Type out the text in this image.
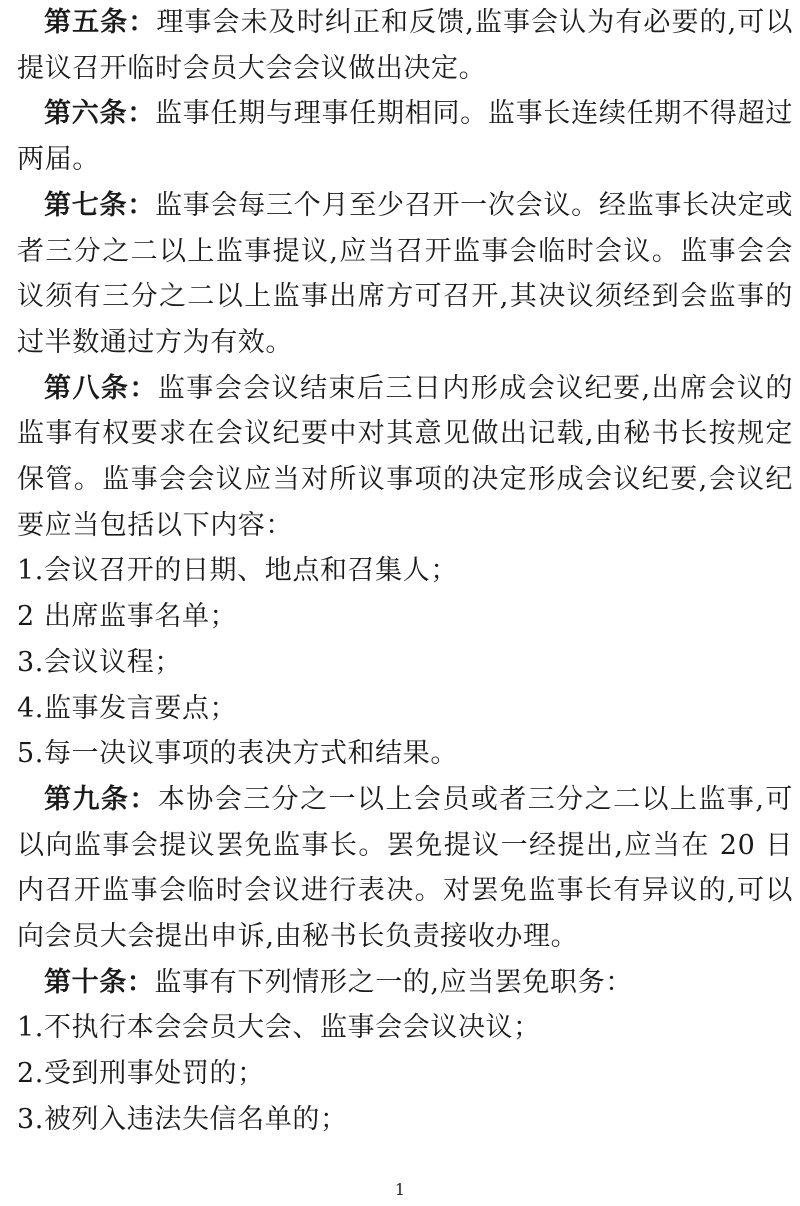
第五条：理事会未及时纠正和反馈,监事会认为有必要的,可以提议召开临时会员大会会议做出决定。

第六条：监事任期与理事任期相同。监事长连续任期不得超过两届。

第七条：监事会每三个月至少召开一次会议。经监事长决定或者三分之二以上监事提议,应当召开监事会临时会议。监事会会议须有三分之二以上监事出席方可召开,其决议须经到会监事的过半数通过方为有效。

第八条：监事会会议结束后三日内形成会议纪要,出席会议的监事有权要求在会议纪要中对其意见做出记载,由秘书长按规定保管。监事会会议应当对所议事项的决定形成会议纪要,会议纪要应当包括以下内容：

1.会议召开的日期、地点和召集人；

2 出席监事名单；

3.会议议程；

4.监事发言要点；

5.每一决议事项的表决方式和结果。

第九条：本协会三分之一以上会员或者三分之二以上监事,可以向监事会提议罢免监事长。罢免提议一经提出,应当在 20 日内召开监事会临时会议进行表决。对罢免监事长有异议的,可以向会员大会提出申诉,由秘书长负责接收办理。

第十条：监事有下列情形之一的,应当罢免职务：

1.不执行本会会员大会、监事会会议决议；

2.受到刑事处罚的；

3.被列入违法失信名单的；

1
